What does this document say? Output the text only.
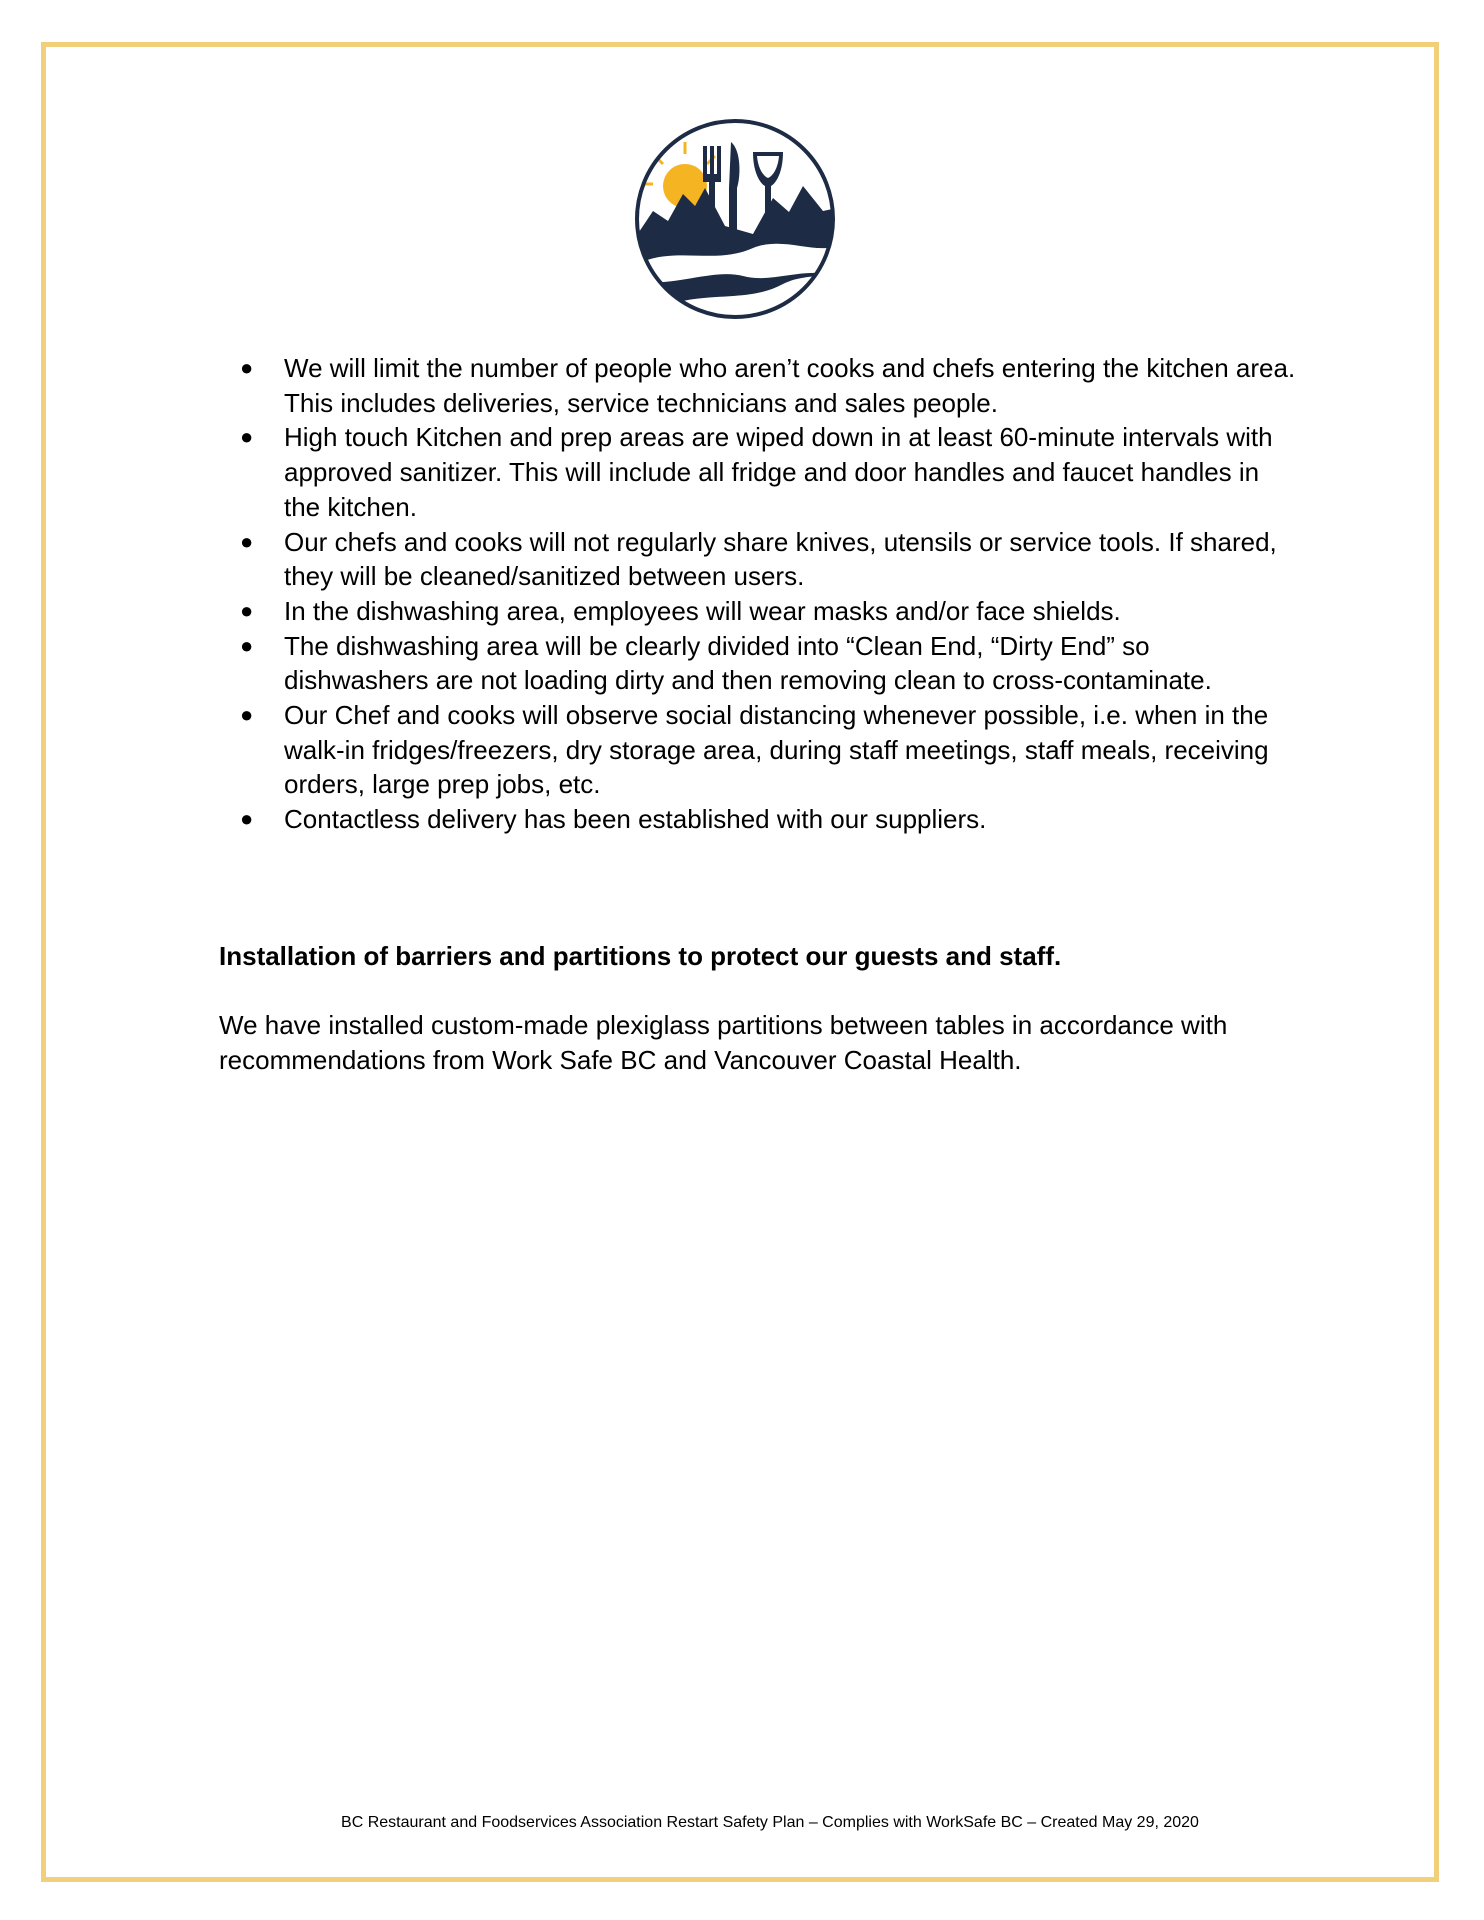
● We will limit the number of people who aren’t cooks and chefs entering the kitchen area. This includes deliveries, service technicians and sales people.
● High touch Kitchen and prep areas are wiped down in at least 60-minute intervals with approved sanitizer. This will include all fridge and door handles and faucet handles in the kitchen.
● Our chefs and cooks will not regularly share knives, utensils or service tools. If shared, they will be cleaned/sanitized between users.
● In the dishwashing area, employees will wear masks and/or face shields.
● The dishwashing area will be clearly divided into “Clean End, “Dirty End” so dishwashers are not loading dirty and then removing clean to cross-contaminate.
● Our Chef and cooks will observe social distancing whenever possible, i.e. when in the walk-in fridges/freezers, dry storage area, during staff meetings, staff meals, receiving orders, large prep jobs, etc.
● Contactless delivery has been established with our suppliers.
Installation of barriers and partitions to protect our guests and staff.

We have installed custom-made plexiglass partitions between tables in accordance with recommendations from Work Safe BC and Vancouver Coastal Health.

BC Restaurant and Foodservices Association Restart Safety Plan – Complies with WorkSafe BC – Created May 29, 2020
